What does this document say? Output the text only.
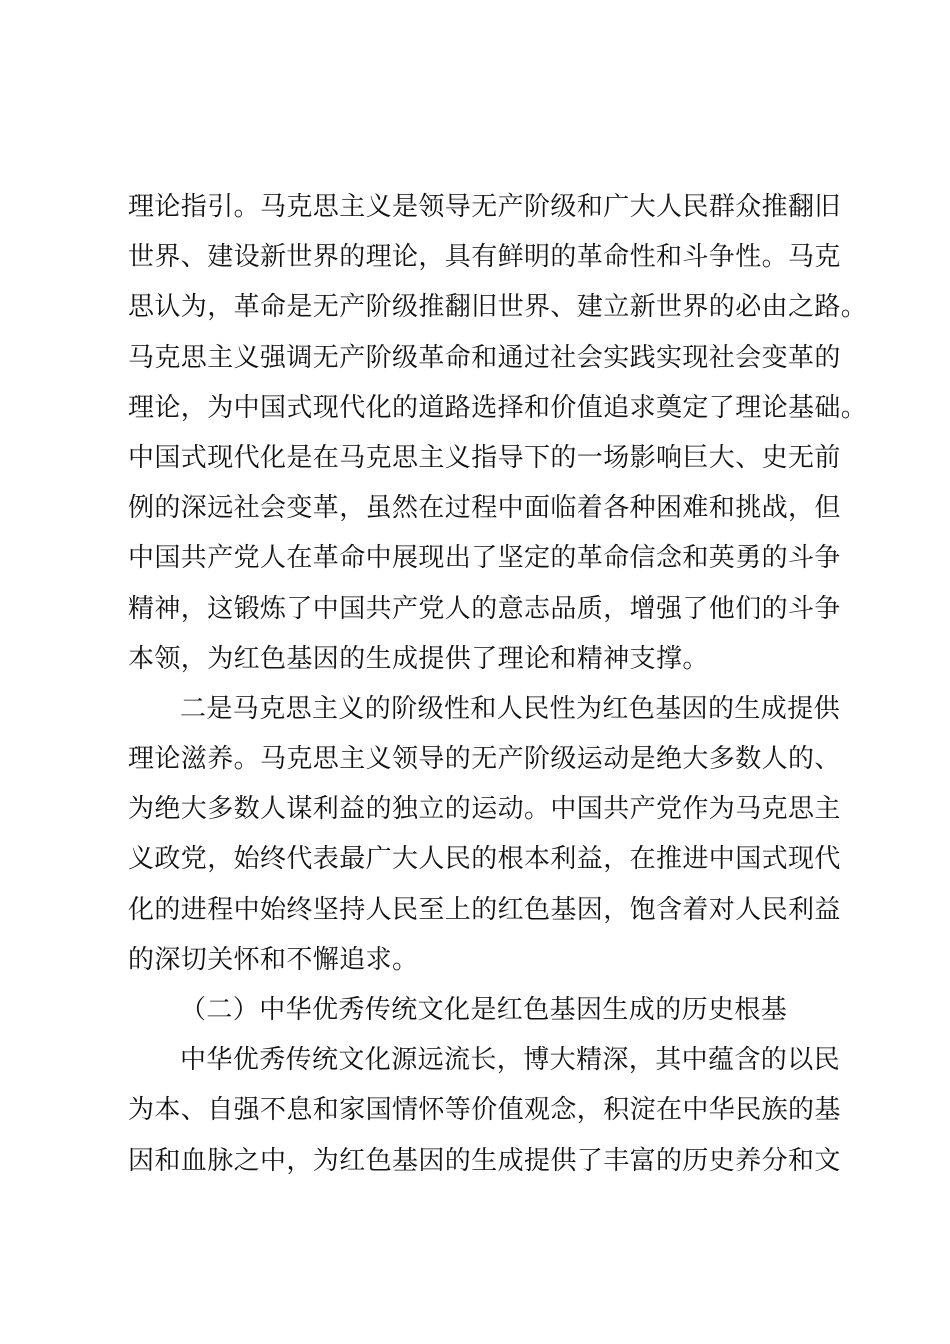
理论指引。马克思主义是领导无产阶级和广大人民群众推翻旧
世界、建设新世界的理论，具有鲜明的革命性和斗争性。马克
思认为，革命是无产阶级推翻旧世界、建立新世界的必由之路。
马克思主义强调无产阶级革命和通过社会实践实现社会变革的
理论，为中国式现代化的道路选择和价值追求奠定了理论基础。
中国式现代化是在马克思主义指导下的一场影响巨大、史无前
例的深远社会变革，虽然在过程中面临着各种困难和挑战，但
中国共产党人在革命中展现出了坚定的革命信念和英勇的斗争
精神，这锻炼了中国共产党人的意志品质，增强了他们的斗争
本领，为红色基因的生成提供了理论和精神支撑。
二是马克思主义的阶级性和人民性为红色基因的生成提供
理论滋养。马克思主义领导的无产阶级运动是绝大多数人的、
为绝大多数人谋利益的独立的运动。中国共产党作为马克思主
义政党，始终代表最广大人民的根本利益，在推进中国式现代
化的进程中始终坚持人民至上的红色基因，饱含着对人民利益
的深切关怀和不懈追求。
（二）中华优秀传统文化是红色基因生成的历史根基
中华优秀传统文化源远流长，博大精深，其中蕴含的以民
为本、自强不息和家国情怀等价值观念，积淀在中华民族的基
因和血脉之中，为红色基因的生成提供了丰富的历史养分和文
